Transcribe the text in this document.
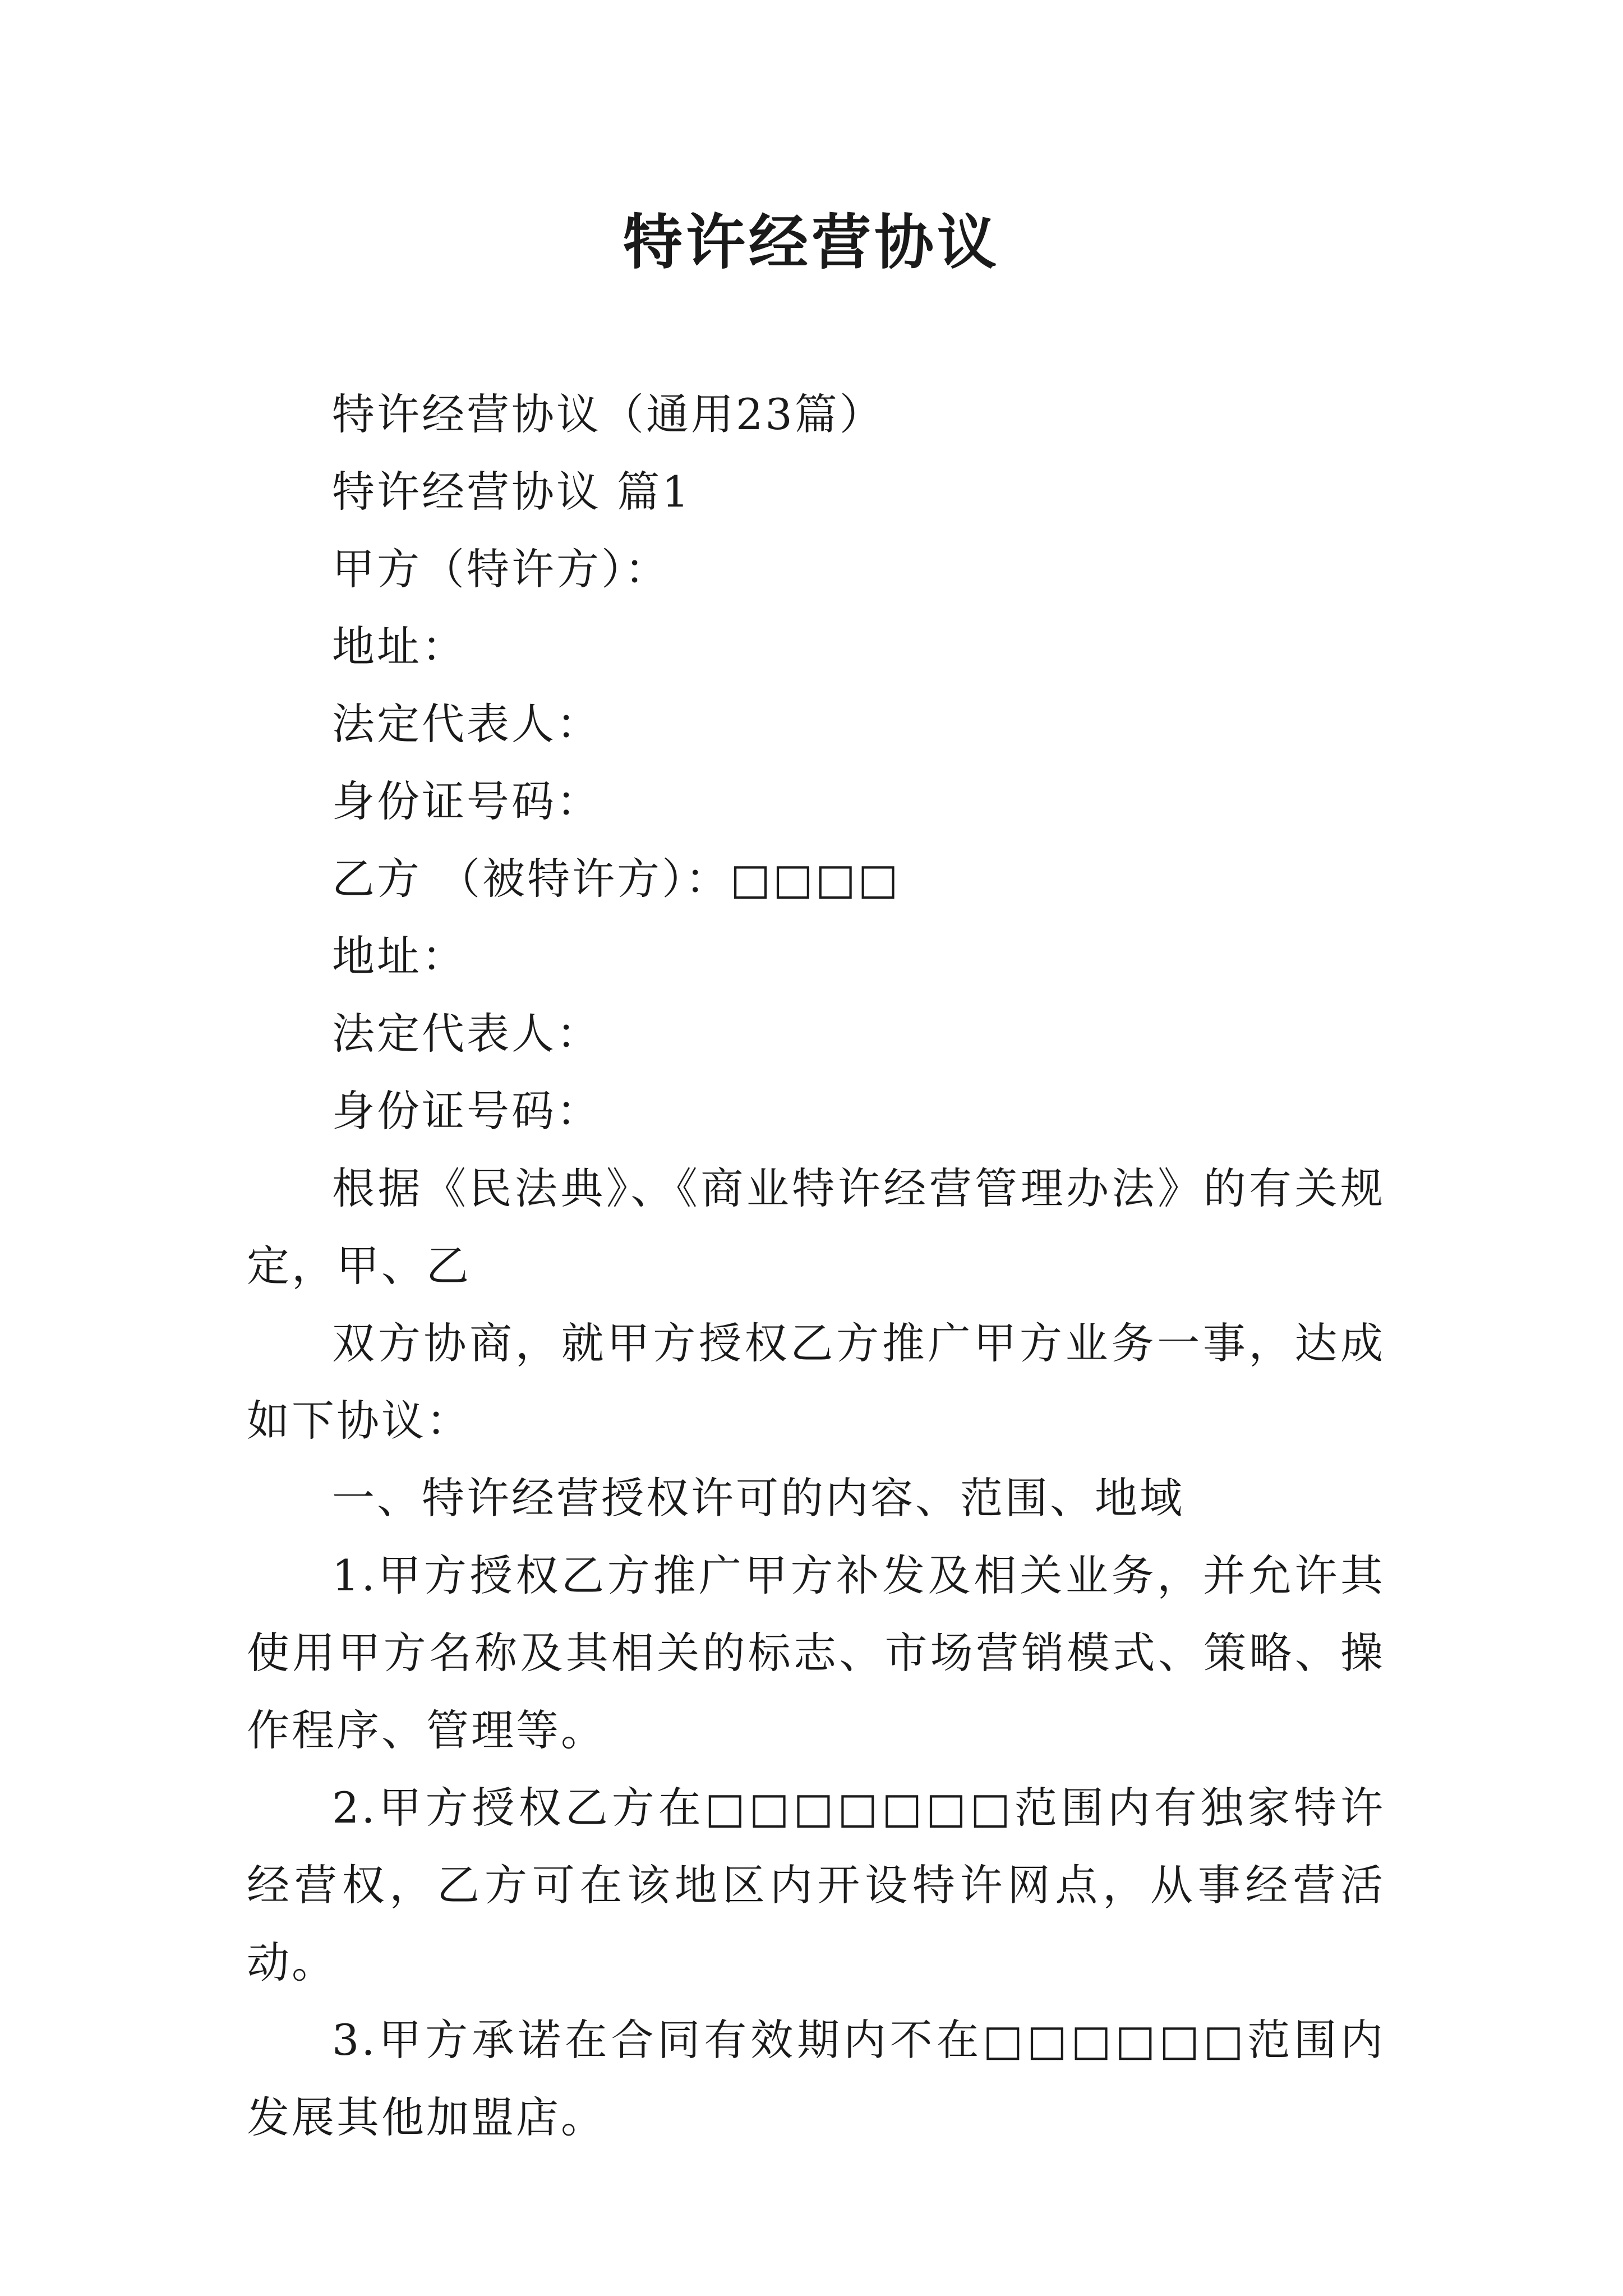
特许经营协议

特许经营协议（通用23篇）

特许经营协议 篇1

甲方（特许方）：

地址：

法定代表人：

身份证号码：

乙方 （被特许方）：□□□□

地址：

法定代表人：

身份证号码：

根据《民法典》、《商业特许经营管理办法》的有关规定，甲、乙

双方协商，就甲方授权乙方推广甲方业务一事，达成如下协议：

一、特许经营授权许可的内容、范围、地域

1.甲方授权乙方推广甲方补发及相关业务，并允许其使用甲方名称及其相关的标志、市场营销模式、策略、操作程序、管理等。

2.甲方授权乙方在□□□□□□□范围内有独家特许经营权，乙方可在该地区内开设特许网点，从事经营活动。

3.甲方承诺在合同有效期内不在□□□□□□范围内发展其他加盟店。
